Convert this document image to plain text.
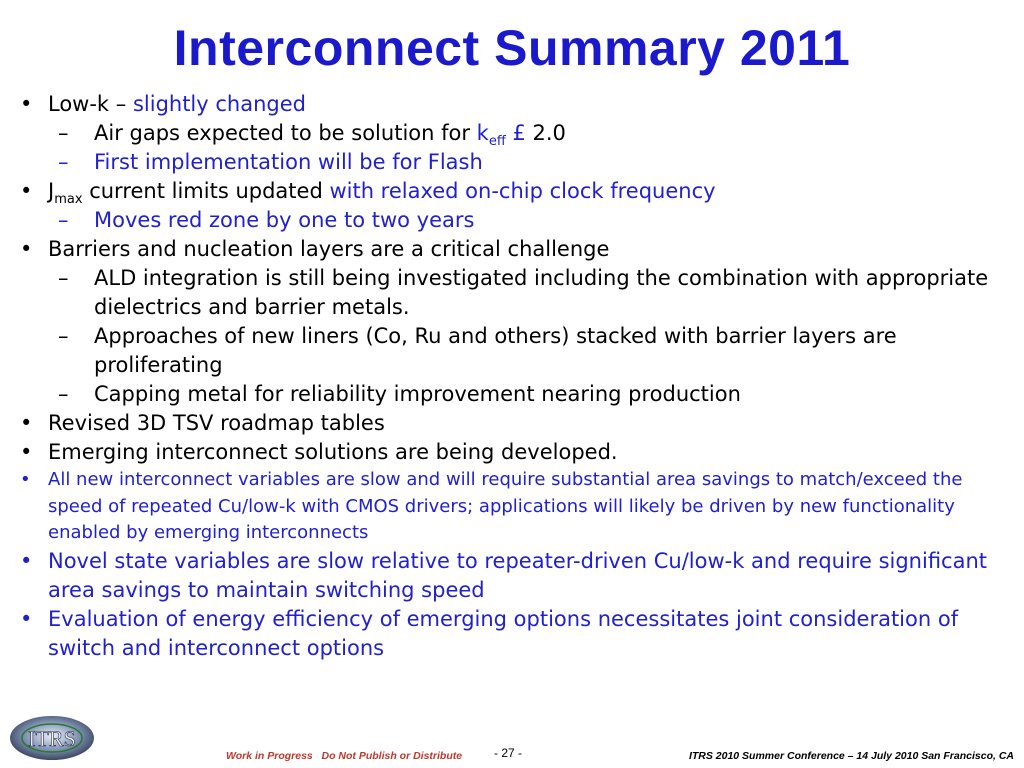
Interconnect Summary 2011
• Low-k – slightly changed
– Air gaps expected to be solution for $k_{eff}$ £ 2.0
– First implementation will be for Flash
• $J_{max}$ current limits updated with relaxed on-chip clock frequency
– Moves red zone by one to two years
• Barriers and nucleation layers are a critical challenge
– ALD integration is still being investigated including the combination with appropriate dielectrics and barrier metals.
– Approaches of new liners (Co, Ru and others) stacked with barrier layers are proliferating
– Capping metal for reliability improvement nearing production
• Revised 3D TSV roadmap tables
• Emerging interconnect solutions are being developed.
• All new interconnect variables are slow and will require substantial area savings to match/exceed the speed of repeated Cu/low-k with CMOS drivers; applications will likely be driven by new functionality enabled by emerging interconnects
• Novel state variables are slow relative to repeater-driven Cu/low-k and require significant area savings to maintain switching speed
• Evaluation of energy efficiency of emerging options necessitates joint consideration of switch and interconnect options
ITRS
Work in Progress   Do Not Publish or Distribute	- 27 -	ITRS 2010 Summer Conference – 14 July 2010 San Francisco, CA
